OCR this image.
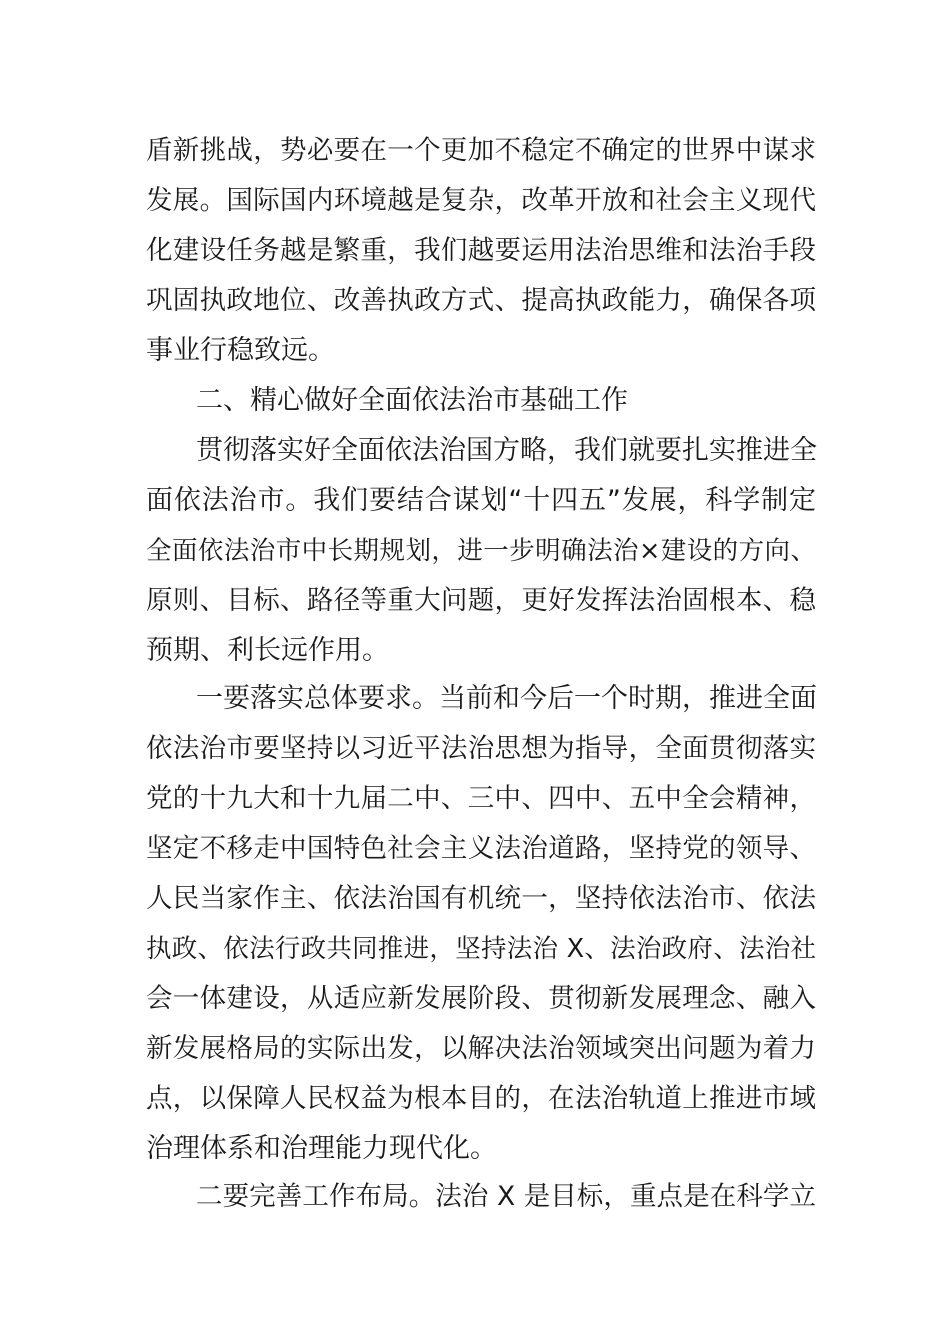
盾新挑战，势必要在一个更加不稳定不确定的世界中谋求
发展。国际国内环境越是复杂，改革开放和社会主义现代
化建设任务越是繁重，我们越要运用法治思维和法治手段
巩固执政地位、改善执政方式、提高执政能力，确保各项
事业行稳致远。
二、精心做好全面依法治市基础工作
贯彻落实好全面依法治国方略，我们就要扎实推进全
面依法治市。我们要结合谋划“十四五”发展，科学制定
全面依法治市中长期规划，进一步明确法治×建设的方向、
原则、目标、路径等重大问题，更好发挥法治固根本、稳
预期、利长远作用。
一要落实总体要求。当前和今后一个时期，推进全面
依法治市要坚持以习近平法治思想为指导，全面贯彻落实
党的十九大和十九届二中、三中、四中、五中全会精神，
坚定不移走中国特色社会主义法治道路，坚持党的领导、
人民当家作主、依法治国有机统一，坚持依法治市、依法
执政、依法行政共同推进，坚持法治 X、法治政府、法治社
会一体建设，从适应新发展阶段、贯彻新发展理念、融入
新发展格局的实际出发，以解决法治领域突出问题为着力
点，以保障人民权益为根本目的，在法治轨道上推进市域
治理体系和治理能力现代化。
二要完善工作布局。法治 X 是目标，重点是在科学立
